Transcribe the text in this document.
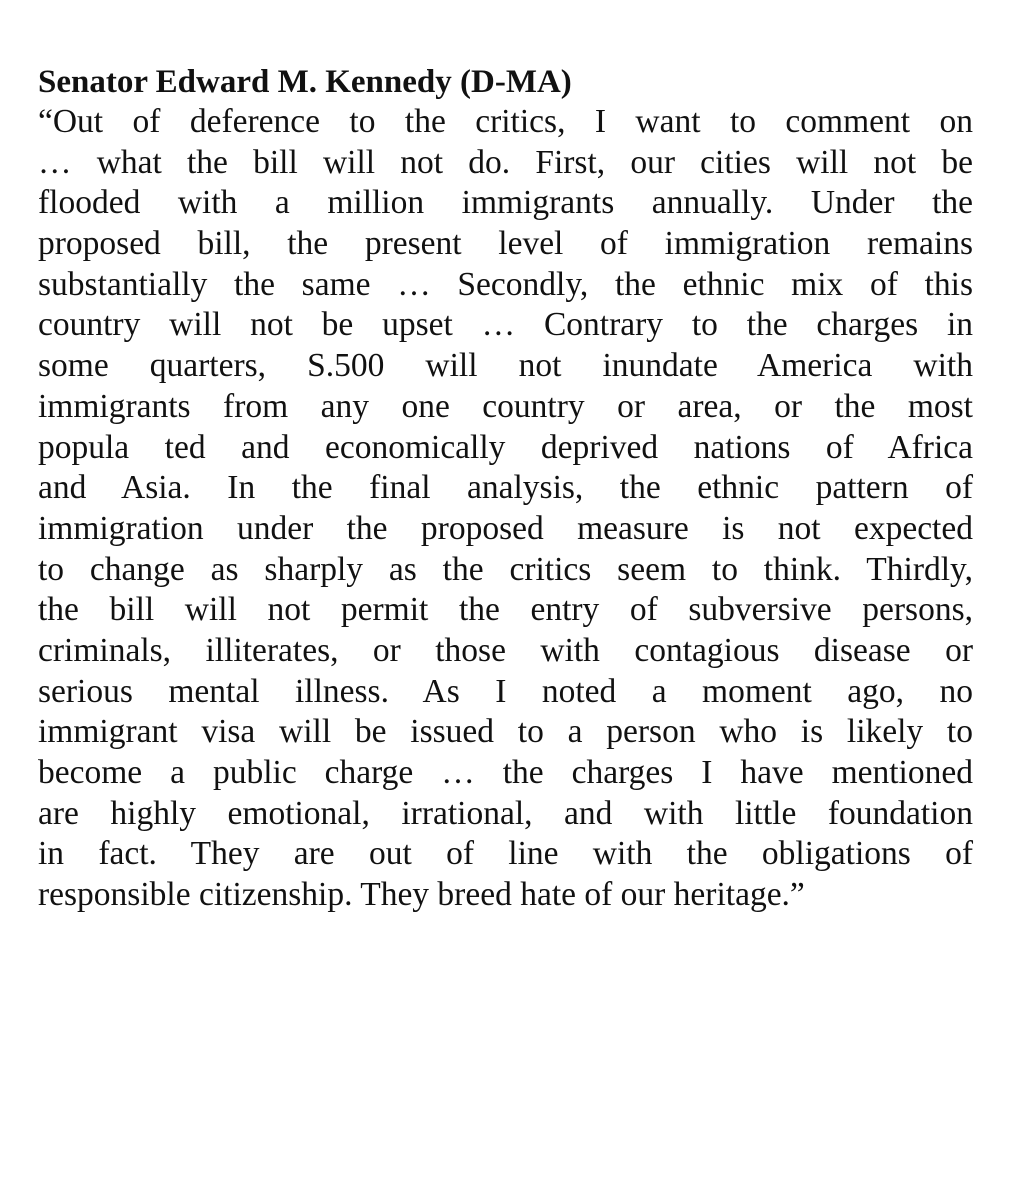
Senator Edward M. Kennedy (D-MA)
“Out of deference to the critics, I want to comment on
… what the bill will not do. First, our cities will not be
flooded with a million immigrants annually. Under the
proposed bill, the present level of immigration remains
substantially the same … Secondly, the ethnic mix of this
country will not be upset … Contrary to the charges in
some quarters, S.500 will not inundate America with
immigrants from any one country or area, or the most
popula ted and economically deprived nations of Africa
and Asia. In the final analysis, the ethnic pattern of
immigration under the proposed measure is not expected
to change as sharply as the critics seem to think. Thirdly,
the bill will not permit the entry of subversive persons,
criminals, illiterates, or those with contagious disease or
serious mental illness. As I noted a moment ago, no
immigrant visa will be issued to a person who is likely to
become a public charge … the charges I have mentioned
are highly emotional, irrational, and with little foundation
in fact. They are out of line with the obligations of
responsible citizenship. They breed hate of our heritage.”
